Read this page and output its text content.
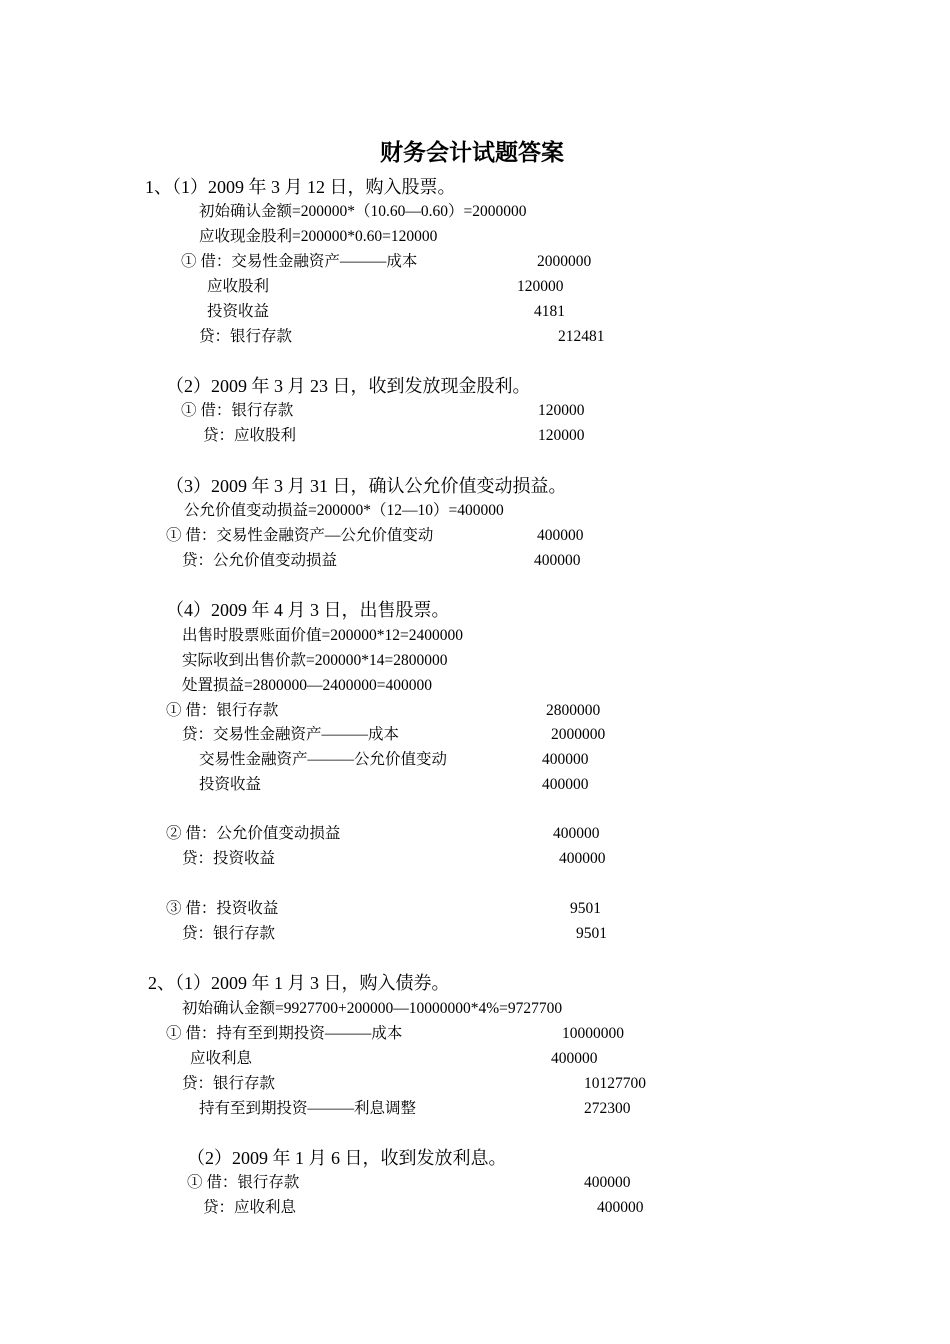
财务会计试题答案
1、（1）2009 年 3 月 12 日，购入股票。
初始确认金额=200000*（10.60—0.60）=2000000
应收现金股利=200000*0.60=120000
① 借：交易性金融资产———成本	2000000
应收股利	120000
投资收益	4181
贷：银行存款	212481
（2）2009 年 3 月 23 日，收到发放现金股利。
① 借：银行存款	120000
贷：应收股利	120000
（3）2009 年 3 月 31 日，确认公允价值变动损益。
公允价值变动损益=200000*（12—10）=400000
① 借：交易性金融资产—公允价值变动	400000
贷：公允价值变动损益	400000
（4）2009 年 4 月 3 日，出售股票。
出售时股票账面价值=200000*12=2400000
实际收到出售价款=200000*14=2800000
处置损益=2800000—2400000=400000
① 借：银行存款	2800000
贷：交易性金融资产———成本	2000000
交易性金融资产———公允价值变动	400000
投资收益	400000
② 借：公允价值变动损益	400000
贷：投资收益	400000
③ 借：投资收益	9501
贷：银行存款	9501
2、（1）2009 年 1 月 3 日，购入债券。
初始确认金额=9927700+200000—10000000*4%=9727700
① 借：持有至到期投资———成本	10000000
应收利息	400000
贷：银行存款	10127700
持有至到期投资———利息调整	272300
（2）2009 年 1 月 6 日，收到发放利息。
① 借：银行存款	400000
贷：应收利息	400000
